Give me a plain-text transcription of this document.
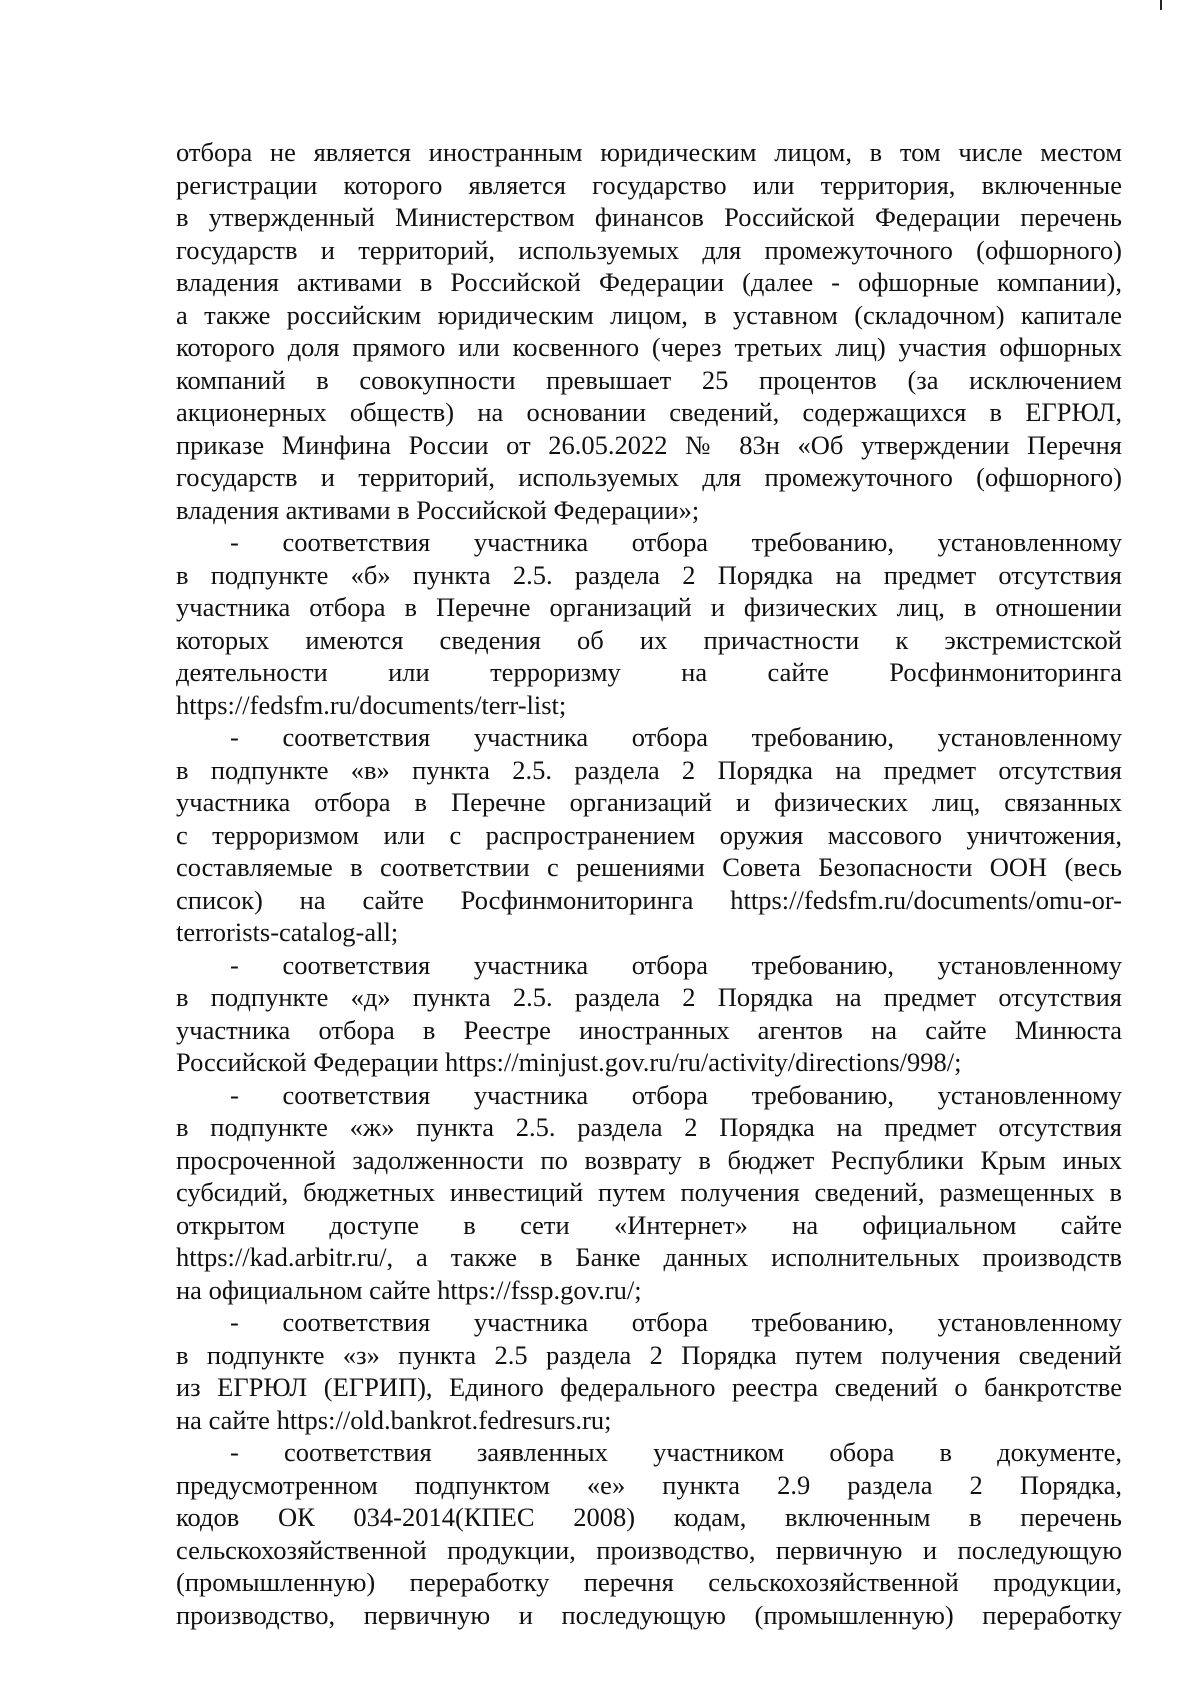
отбора не является иностранным юридическим лицом, в том числе местом
регистрации которого является государство или территория, включенные
в утвержденный Министерством финансов Российской Федерации перечень
государств и территорий, используемых для промежуточного (офшорного)
владения активами в Российской Федерации (далее - офшорные компании),
а также российским юридическим лицом, в уставном (складочном) капитале
которого доля прямого или косвенного (через третьих лиц) участия офшорных
компаний в совокупности превышает 25 процентов (за исключением
акционерных обществ) на основании сведений, содержащихся в ЕГРЮЛ,
приказе Минфина России от 26.05.2022 № 83н «Об утверждении Перечня
государств и территорий, используемых для промежуточного (офшорного)
владения активами в Российской Федерации»;
- соответствия участника отбора требованию, установленному
в подпункте «б» пункта 2.5. раздела 2 Порядка на предмет отсутствия
участника отбора в Перечне организаций и физических лиц, в отношении
которых имеются сведения об их причастности к экстремистской
деятельности или терроризму на сайте Росфинмониторинга
https://fedsfm.ru/documents/terr-list;
- соответствия участника отбора требованию, установленному
в подпункте «в» пункта 2.5. раздела 2 Порядка на предмет отсутствия
участника отбора в Перечне организаций и физических лиц, связанных
с терроризмом или с распространением оружия массового уничтожения,
составляемые в соответствии с решениями Совета Безопасности ООН (весь
список) на сайте Росфинмониторинга https://fedsfm.ru/documents/omu-or-
terrorists-catalog-all;
- соответствия участника отбора требованию, установленному
в подпункте «д» пункта 2.5. раздела 2 Порядка на предмет отсутствия
участника отбора в Реестре иностранных агентов на сайте Минюста
Российской Федерации https://minjust.gov.ru/ru/activity/directions/998/;
- соответствия участника отбора требованию, установленному
в подпункте «ж» пункта 2.5. раздела 2 Порядка на предмет отсутствия
просроченной задолженности по возврату в бюджет Республики Крым иных
субсидий, бюджетных инвестиций путем получения сведений, размещенных в
открытом доступе в сети «Интернет» на официальном сайте
https://kad.arbitr.ru/, а также в Банке данных исполнительных производств
на официальном сайте https://fssp.gov.ru/;
- соответствия участника отбора требованию, установленному
в подпункте «з» пункта 2.5 раздела 2 Порядка путем получения сведений
из ЕГРЮЛ (ЕГРИП), Единого федерального реестра сведений о банкротстве
на сайте https://old.bankrot.fedresurs.ru;
- соответствия заявленных участником обора в документе,
предусмотренном подпунктом «е» пункта 2.9 раздела 2 Порядка,
кодов ОК 034-2014(КПЕС 2008) кодам, включенным в перечень
сельскохозяйственной продукции, производство, первичную и последующую
(промышленную) переработку перечня сельскохозяйственной продукции,
производство, первичную и последующую (промышленную) переработку
